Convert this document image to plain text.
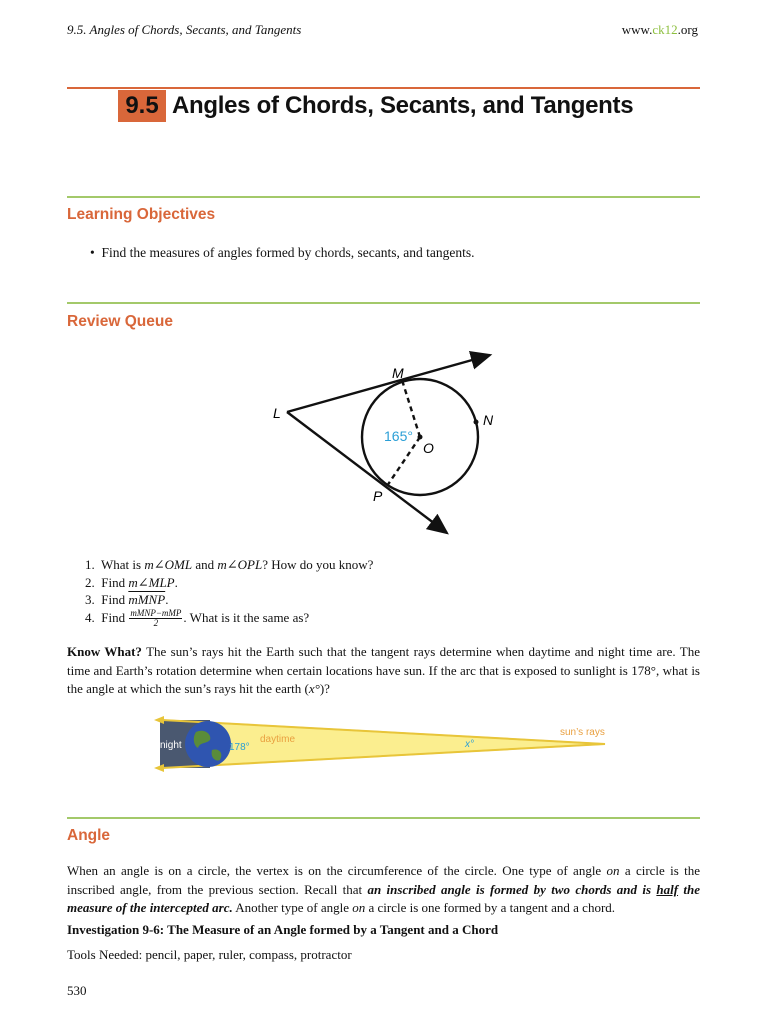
9.5. Angles of Chords, Secants, and Tangents	www.ck12.org
9.5 Angles of Chords, Secants, and Tangents
Learning Objectives
• Find the measures of angles formed by chords, secants, and tangents.
Review Queue
M
L	N
O
P
165°
1. What is m∠OML and m∠OPL? How do you know?
2. Find m∠MLP.
3. Find mMNP.
4. Find $\frac{\text{mMNP−mMP}}{2}$ . What is it the same as?
Know What? The sun’s rays hit the Earth such that the tangent rays determine when daytime and night time are. The time and Earth’s rotation determine when certain locations have sun. If the arc that is exposed to sunlight is 178°, what is the angle at which the sun’s rays hit the earth (x°)?
night	178°
daytime	x°
sun’s rays
Angle
When an angle is on a circle, the vertex is on the circumference of the circle. One type of angle on a circle is the inscribed angle, from the previous section. Recall that an inscribed angle is formed by two chords and is half the measure of the intercepted arc. Another type of angle on a circle is one formed by a tangent and a chord.
Investigation 9-6: The Measure of an Angle formed by a Tangent and a Chord
Tools Needed: pencil, paper, ruler, compass, protractor
530
